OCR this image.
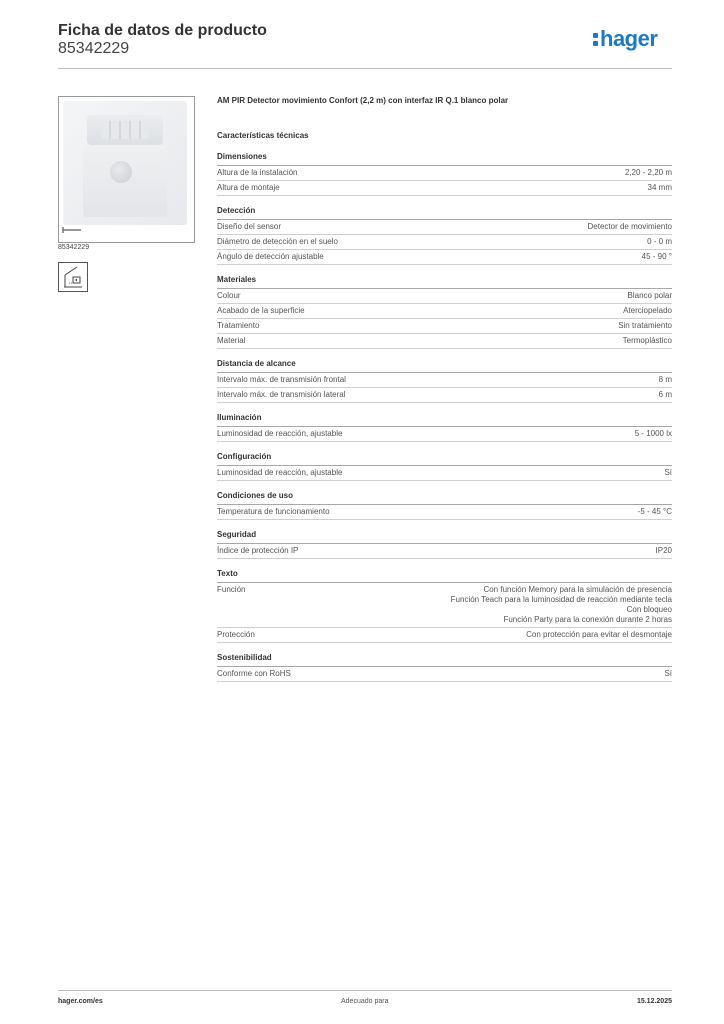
Ficha de datos de producto
85342229	hager
85342229
AM PIR Detector movimiento Confort (2,2 m) con interfaz IR Q.1 blanco polar
Características técnicas
Dimensiones
Altura de la instalación	2,20 - 2,20 m
Altura de montaje	34 mm
Detección
Diseño del sensor	Detector de movimiento
Diámetro de detección en el suelo	0 - 0 m
Ángulo de detección ajustable	45 - 90 °
Materiales
Colour	Blanco polar
Acabado de la superficie	Aterciopelado
Tratamiento	Sin tratamiento
Material	Termoplástico
Distancia de alcance
Intervalo máx. de transmisión frontal	8 m
Intervalo máx. de transmisión lateral	6 m
Iluminación
Luminosidad de reacción, ajustable	5 - 1000 lx
Configuración
Luminosidad de reacción, ajustable	Sí
Condiciones de uso
Temperatura de funcionamiento	-5 - 45 °C
Seguridad
Índice de protección IP	IP20
Texto
Función	Con función Memory para la simulación de presencia
Función Teach para la luminosidad de reacción mediante tecla
Con bloqueo
Función Party para la conexión durante 2 horas
Protección	Con protección para evitar el desmontaje
Sostenibilidad
Conforme con RoHS	Sí
hager.com/es	Adecuado para	15.12.2025
